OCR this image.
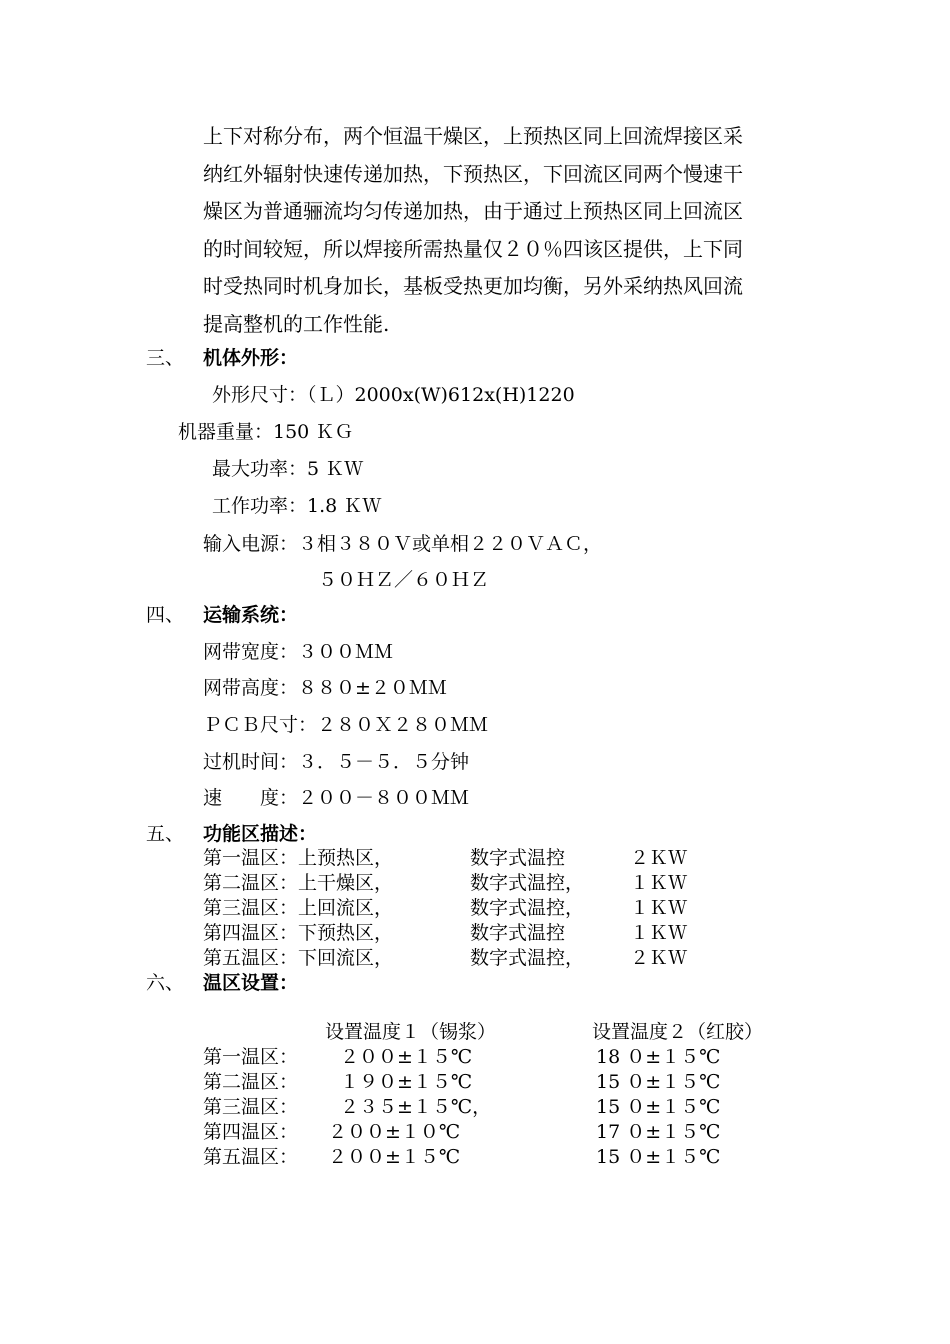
上下对称分布，两个恒温干燥区，上预热区同上回流焊接区采
纳红外辐射快速传递加热，下预热区，下回流区同两个慢速干
燥区为普通骊流均匀传递加热，由于通过上预热区同上回流区
的时间较短，所以焊接所需热量仅２０％四该区提供，上下同
时受热同时机身加长，基板受热更加均衡，另外采纳热风回流
提高整机的工作性能.
三、 机体外形：
外形尺寸：（Ｌ）2000x(W)612x(H)1220
机器重量：150 ＫＧ
最大功率：5 ＫＷ
工作功率：1.8 ＫＷ
输入电源：３相３８０Ｖ或单相２２０ＶＡＣ，
５０ＨＺ／６０ＨＺ
四、 运输系统：
网带宽度：３００ＭＭ
网带高度：８８０±２０ＭＭ
ＰＣＢ尺寸：２８０Ｘ２８０ＭＭ
过机时间：３．５－５．５分钟
速　　度：２００－８００ＭＭ
五、 功能区描述：
第一温区：上预热区，	数字式温控	２ＫＷ
第二温区：上干燥区，	数字式温控， １ＫＷ
第三温区：上回流区，	数字式温控， １ＫＷ
第四温区：下预热区，	数字式温控	１ＫＷ
第五温区：下回流区，	数字式温控， ２ＫＷ
六、 温区设置：
设置温度１（锡浆）	设置温度２（红胶）
第一温区： ２００±１５℃	18 ０±１５℃
第二温区： １９０±１５℃	15 ０±１５℃
第三温区： ２３５±１５℃，	15 ０±１５℃
第四温区： ２００±１０℃	17 ０±１５℃
第五温区： ２００±１５℃	15 ０±１５℃
